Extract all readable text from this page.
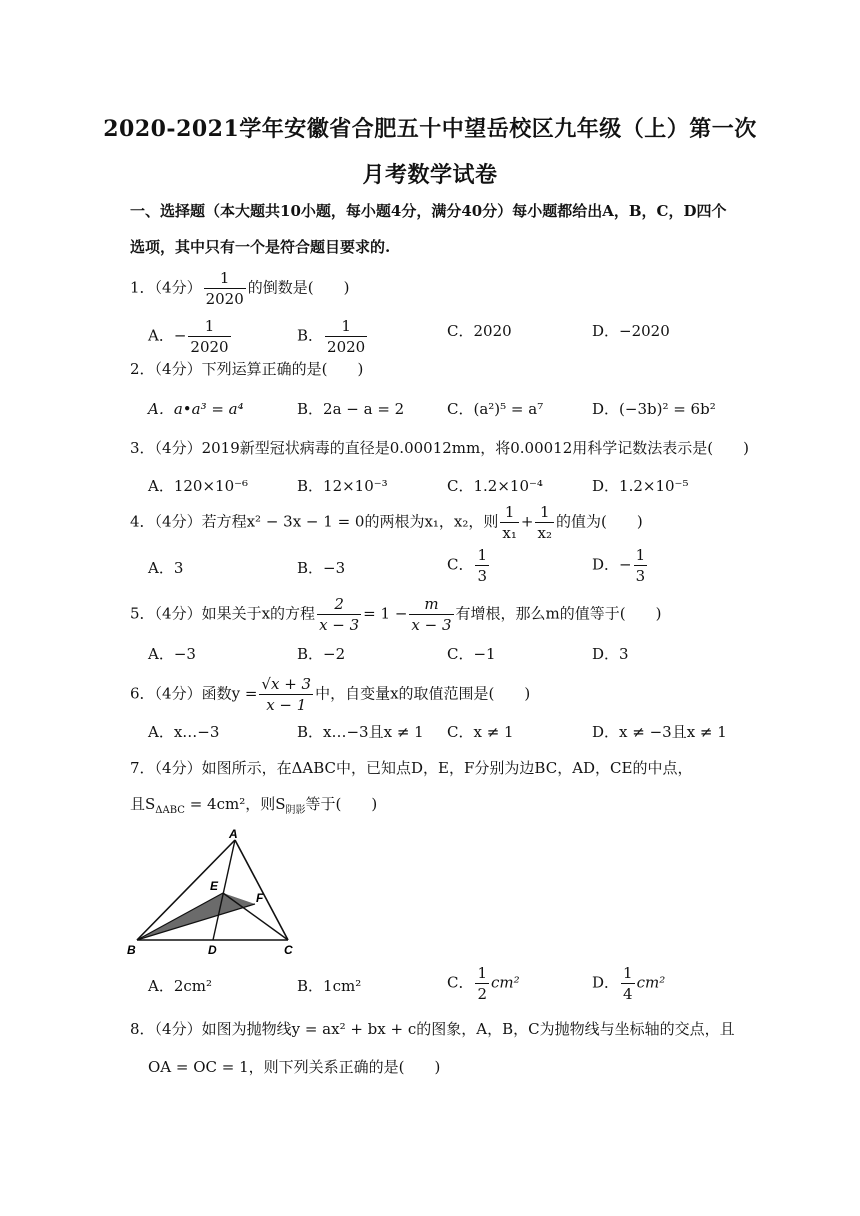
2020-2021学年安徽省合肥五十中望岳校区九年级（上）第一次
月考数学试卷
一、选择题（本大题共10小题，每小题4分，满分40分）每小题都给出A，B，C，D四个选项，其中只有一个是符合题目要求的.
1．（4分） $\frac{1}{2020}$ 的倒数是(　　)
A．− $\frac{1}{2020}$	B． $\frac{1}{2020}$	C．2020	D．−2020
2．（4分）下列运算正确的是(　　)
A．a•a³ = a⁴	B．2a − a = 2	C．(a²)⁵ = a⁷	D．(−3b)² = 6b²
3．（4分）2019新型冠状病毒的直径是0.00012mm，将0.00012用科学记数法表示是(　　)
A．120×10⁻⁶	B．12×10⁻³	C．1.2×10⁻⁴	D．1.2×10⁻⁵
4．（4分）若方程x² − 3x − 1 = 0的两根为x₁，x₂，则 $\frac{1}{\text{x₁}} + \frac{1}{\text{x₂}}$ 的值为(　　)
A．3	B．−3	C． $\frac{1}{3}$	D．− $\frac{1}{3}$
5．（4分）如果关于x的方程 $\frac{2}{x - 3} = 1 - \frac{m}{x - 3}$ 有增根，那么m的值等于(　　)
A．−3	B．−2	C．−1	D．3
6．（4分）函数$y = \frac{√x + 3}{x - 1}$ 中，自变量x的取值范围是(　　)
A．x…−3	B．x…−3且x ≠ 1 C．x ≠ 1	D．x ≠ −3且x ≠ 1
7．（4分）如图所示，在ΔABC中，已知点D，E，F分别为边BC，AD，CE的中点，
且$S_{\Delta ABC} = 4cm^2$，则$S_{阴影}$等于(　　)
A
B	C
D
E
F
A．2cm²	B．1cm²	C． $\frac{1}{2} cm^2$	D． $\frac{1}{4} cm^2$
8．（4分）如图为抛物线y = ax² + bx + c的图象，A，B，C为抛物线与坐标轴的交点，且
OA = OC = 1，则下列关系正确的是(　　)
